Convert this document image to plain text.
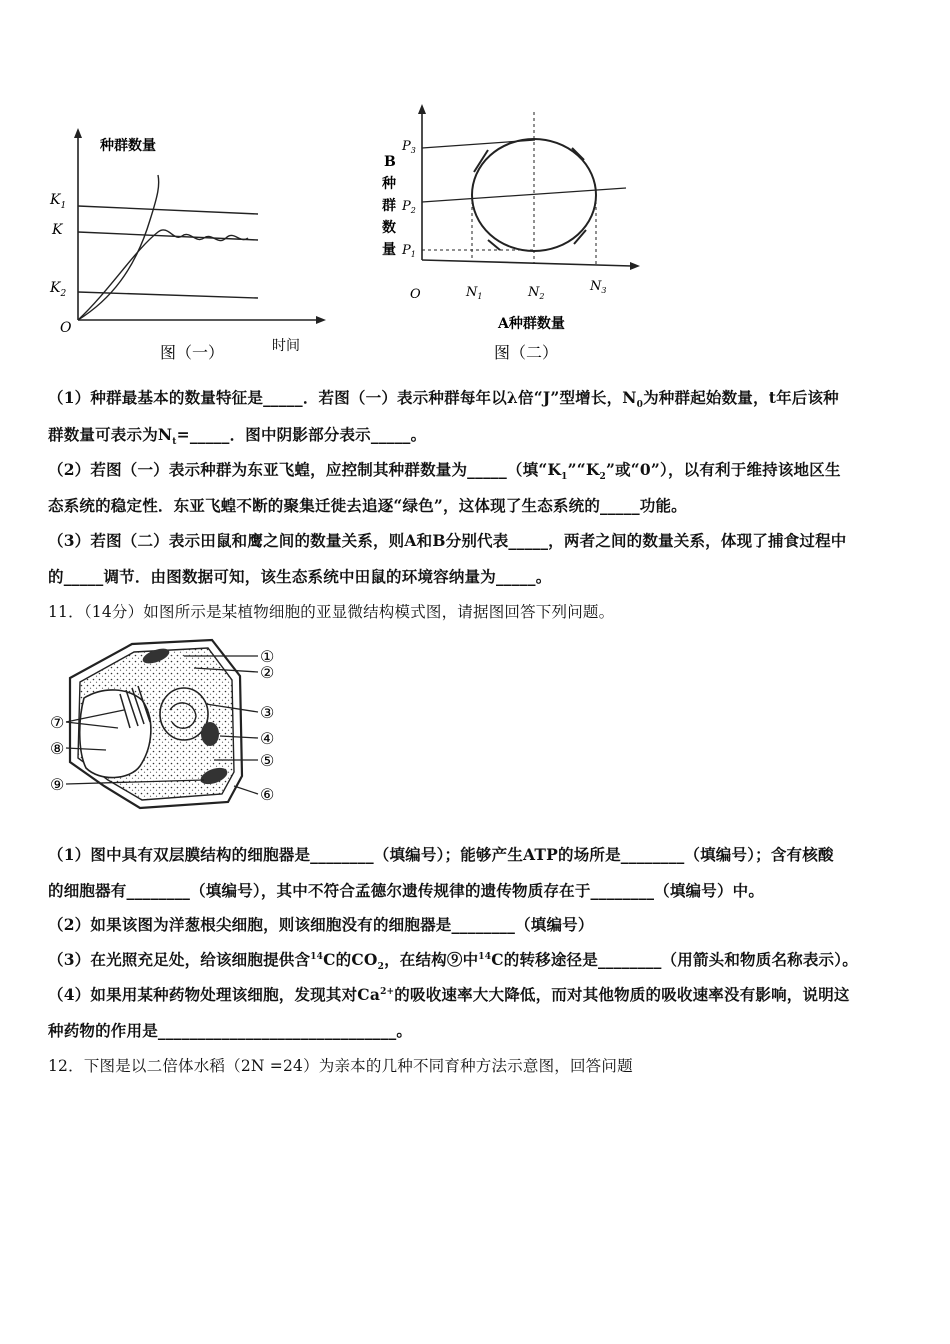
种群数量
$K_1$
K
$K_2$
O
时间
图（一）
B
种
群
数
量
$P_3$
$P_2$
$P_1$
O	$N_1$	$N_2$
$N_3$
A种群数量
图（二）
（1）种群最基本的数量特征是_____．若图（一）表示种群每年以λ倍“J”型增长，$N_0$为种群起始数量，t年后该种
群数量可表示为$N_t=\_\_\_\_\_$．图中阴影部分表示_____。
（2）若图（一）表示种群为东亚飞蝗，应控制其种群数量为_____（填“$K_1”“K_2$”或“0”），以有利于维持该地区生
态系统的稳定性．东亚飞蝗不断的聚集迁徙去追逐“绿色”，这体现了生态系统的_____功能。
（3）若图（二）表示田鼠和鹰之间的数量关系，则A和B分别代表_____，两者之间的数量关系，体现了捕食过程中
的_____调节．由图数据可知，该生态系统中田鼠的环境容纳量为_____。
11．（14分）如图所示是某植物细胞的亚显微结构模式图，请据图回答下列问题。
①
②
③
④
⑤
⑥
⑦
⑧
⑨
（1）图中具有双层膜结构的细胞器是________（填编号）；能够产生ATP的场所是________（填编号）；含有核酸
的细胞器有________（填编号），其中不符合孟德尔遗传规律的遗传物质存在于________（填编号）中。
（2）如果该图为洋葱根尖细胞，则该细胞没有的细胞器是________（填编号）
（3）在光照充足处，给该细胞提供含$^{14}$C的$CO_2$，在结构⑨中$^{14}$C的转移途径是________（用箭头和物质名称表示）。
（4）如果用某种药物处理该细胞，发现其对$Ca^{2+}$的吸收速率大大降低，而对其他物质的吸收速率没有影响，说明这
种药物的作用是______________________________。
12．下图是以二倍体水稻（2N =24）为亲本的几种不同育种方法示意图，回答问题
